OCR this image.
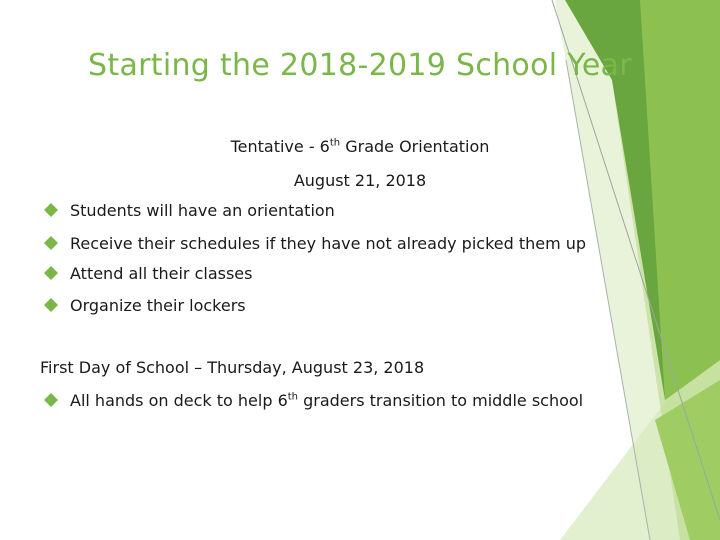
Starting the 2018-2019 School Year
Tentative - 6th Grade Orientation
August 21, 2018
Students will have an orientation
Receive their schedules if they have not already picked them up
Attend all their classes
Organize their lockers
First Day of School – Thursday, August 23, 2018
All hands on deck to help 6th graders transition to middle school
